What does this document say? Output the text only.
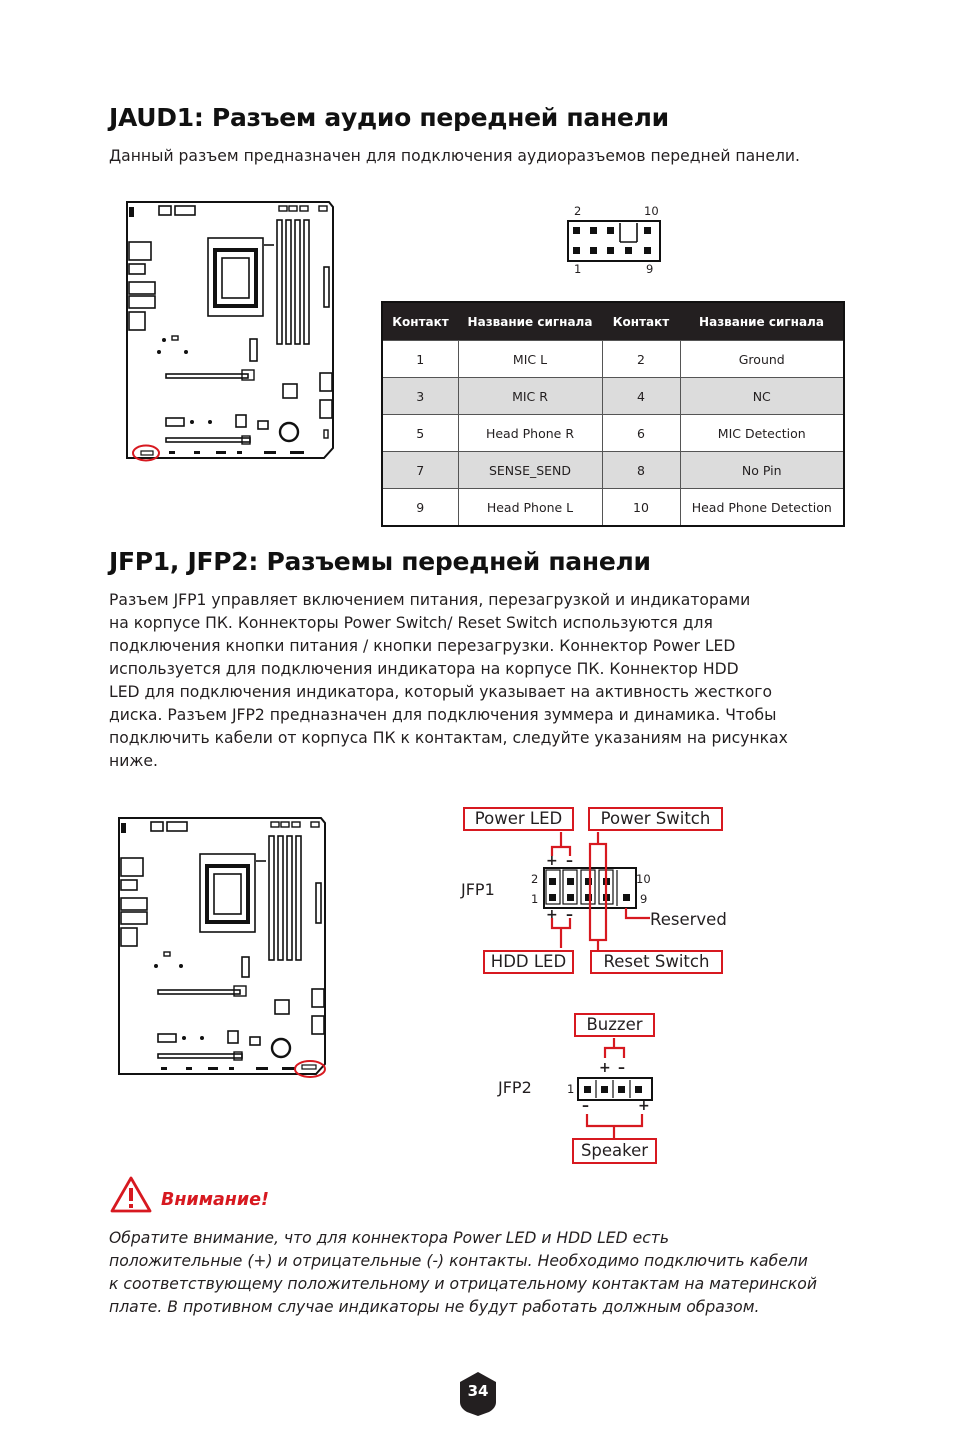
JAUD1: Разъем аудио передней панели

Данный разъем предназначен для подключения аудиоразъемов передней панели.

2	10
1	9
Контакт	Название сигнала	Контакт	Название сигнала
1	MIC L	2	Ground
3	MIC R	4	NC
5	Head Phone R	6	MIC Detection
7	SENSE_SEND	8	No Pin
9	Head Phone L	10	Head Phone Detection
JFP1, JFP2: Разъемы передней панели
Разъем JFP1 управляет включением питания, перезагрузкой и индикаторами
на корпусе ПК. Коннекторы Power Switch/ Reset Switch используются для
подключения кнопки питания / кнопки перезагрузки. Коннектор Power LED
используется для подключения индикатора на корпусе ПК. Коннектор HDD
LED для подключения индикатора, который указывает на активность жесткого
диска. Разъем JFP2 предназначен для подключения зуммера и динамика. Чтобы
подключить кабели от корпуса ПК к контактам, следуйте указаниям на рисунках
ниже.
Power LED	Power Switch
HDD LED	Reset Switch
Reserved
JFP1
2
1
10
9
+ –
+ –
Buzzer
Speaker
JFP2	1
+ –
–	+
Внимание!
Обратите внимание, что для коннектора Power LED и HDD LED есть
положительные (+) и отрицательные (-) контакты. Необходимо подключить кабели
к соответствующему положительному и отрицательному контактам на материнской
плате. В противном случае индикаторы не будут работать должным образом.
34
